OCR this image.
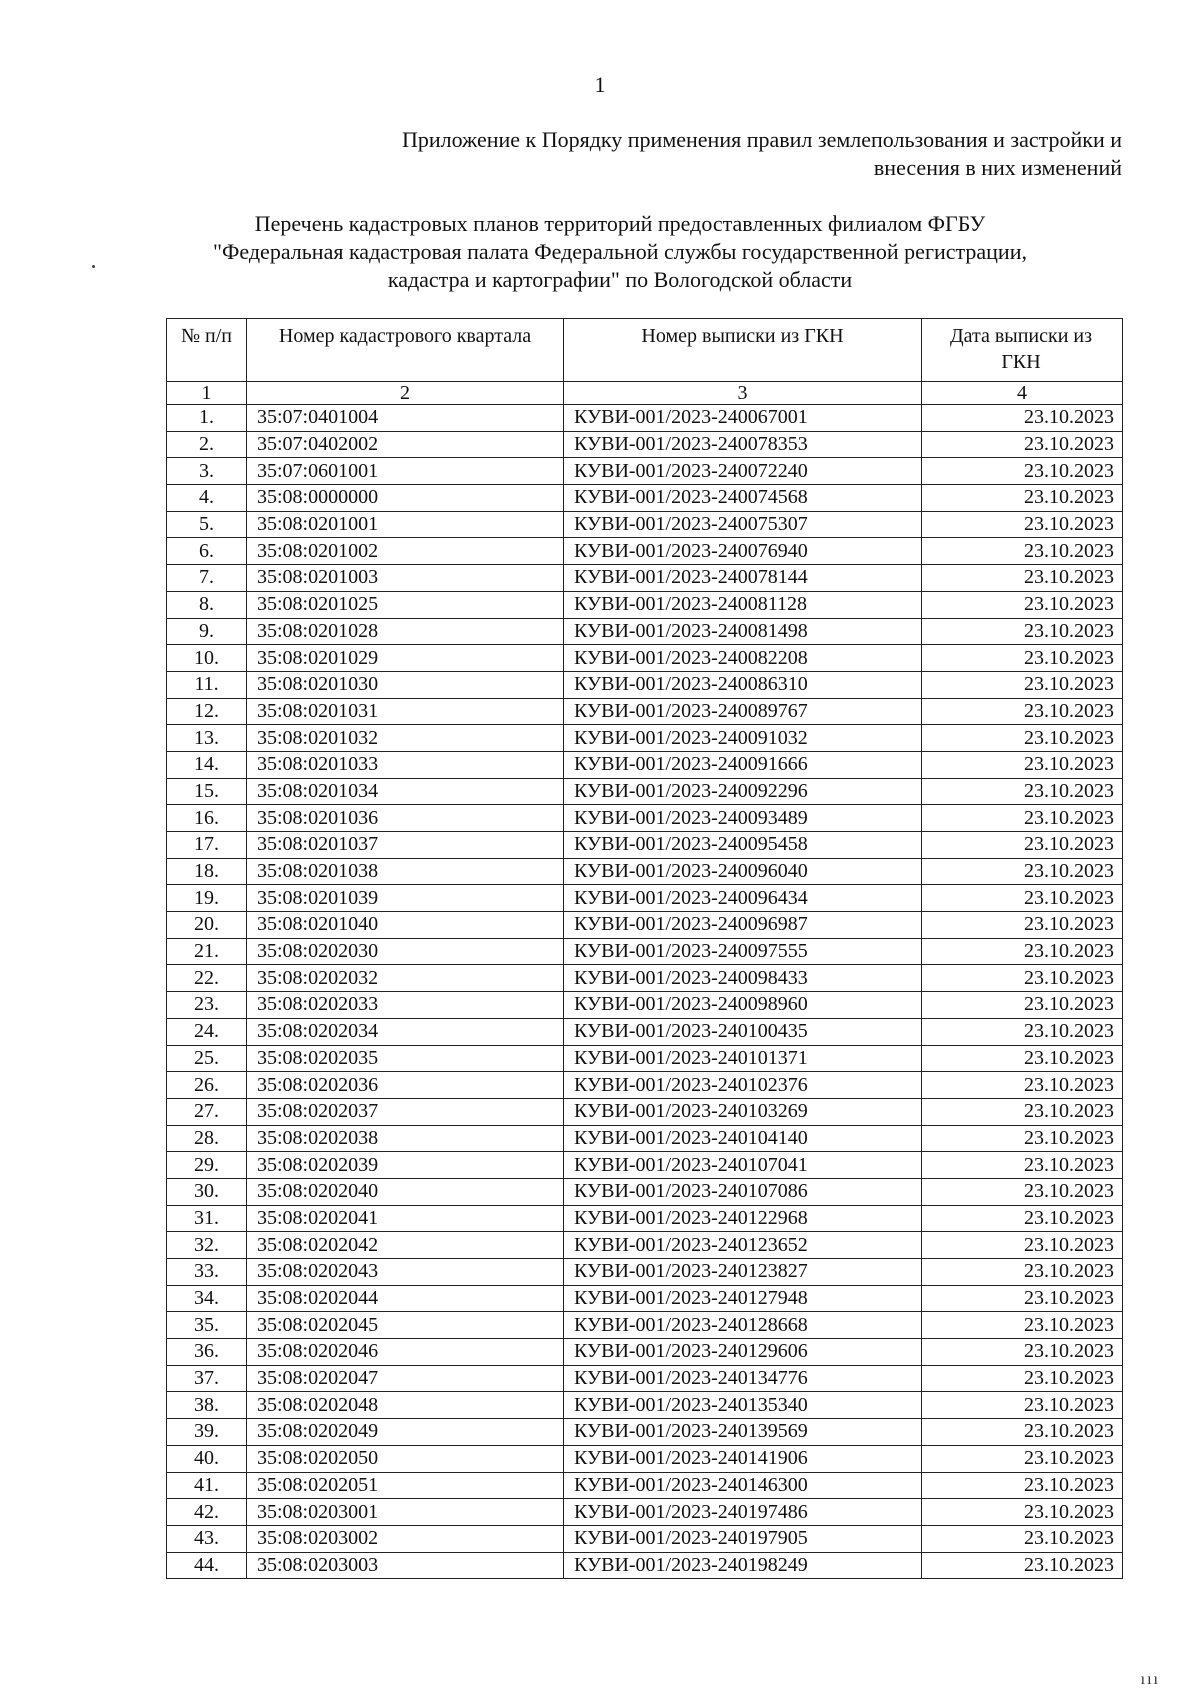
1
Приложение к Порядку применения правил землепользования и застройки и
внесения в них изменений
Перечень кадастровых планов территорий предоставленных филиалом ФГБУ
"Федеральная кадастровая палата Федеральной службы государственной регистрации,
кадастра и картографии" по Вологодской области
№ п/п	Номер кадастрового квартала	Номер выписки из ГКН	Дата выписки из ГКН
1	2	3	4
1.	35:07:0401004	КУВИ-001/2023-240067001	23.10.2023
2.	35:07:0402002	КУВИ-001/2023-240078353	23.10.2023
3.	35:07:0601001	КУВИ-001/2023-240072240	23.10.2023
4.	35:08:0000000	КУВИ-001/2023-240074568	23.10.2023
5.	35:08:0201001	КУВИ-001/2023-240075307	23.10.2023
6.	35:08:0201002	КУВИ-001/2023-240076940	23.10.2023
7.	35:08:0201003	КУВИ-001/2023-240078144	23.10.2023
8.	35:08:0201025	КУВИ-001/2023-240081128	23.10.2023
9.	35:08:0201028	КУВИ-001/2023-240081498	23.10.2023
10.	35:08:0201029	КУВИ-001/2023-240082208	23.10.2023
11.	35:08:0201030	КУВИ-001/2023-240086310	23.10.2023
12.	35:08:0201031	КУВИ-001/2023-240089767	23.10.2023
13.	35:08:0201032	КУВИ-001/2023-240091032	23.10.2023
14.	35:08:0201033	КУВИ-001/2023-240091666	23.10.2023
15.	35:08:0201034	КУВИ-001/2023-240092296	23.10.2023
16.	35:08:0201036	КУВИ-001/2023-240093489	23.10.2023
17.	35:08:0201037	КУВИ-001/2023-240095458	23.10.2023
18.	35:08:0201038	КУВИ-001/2023-240096040	23.10.2023
19.	35:08:0201039	КУВИ-001/2023-240096434	23.10.2023
20.	35:08:0201040	КУВИ-001/2023-240096987	23.10.2023
21.	35:08:0202030	КУВИ-001/2023-240097555	23.10.2023
22.	35:08:0202032	КУВИ-001/2023-240098433	23.10.2023
23.	35:08:0202033	КУВИ-001/2023-240098960	23.10.2023
24.	35:08:0202034	КУВИ-001/2023-240100435	23.10.2023
25.	35:08:0202035	КУВИ-001/2023-240101371	23.10.2023
26.	35:08:0202036	КУВИ-001/2023-240102376	23.10.2023
27.	35:08:0202037	КУВИ-001/2023-240103269	23.10.2023
28.	35:08:0202038	КУВИ-001/2023-240104140	23.10.2023
29.	35:08:0202039	КУВИ-001/2023-240107041	23.10.2023
30.	35:08:0202040	КУВИ-001/2023-240107086	23.10.2023
31.	35:08:0202041	КУВИ-001/2023-240122968	23.10.2023
32.	35:08:0202042	КУВИ-001/2023-240123652	23.10.2023
33.	35:08:0202043	КУВИ-001/2023-240123827	23.10.2023
34.	35:08:0202044	КУВИ-001/2023-240127948	23.10.2023
35.	35:08:0202045	КУВИ-001/2023-240128668	23.10.2023
36.	35:08:0202046	КУВИ-001/2023-240129606	23.10.2023
37.	35:08:0202047	КУВИ-001/2023-240134776	23.10.2023
38.	35:08:0202048	КУВИ-001/2023-240135340	23.10.2023
39.	35:08:0202049	КУВИ-001/2023-240139569	23.10.2023
40.	35:08:0202050	КУВИ-001/2023-240141906	23.10.2023
41.	35:08:0202051	КУВИ-001/2023-240146300	23.10.2023
42.	35:08:0203001	КУВИ-001/2023-240197486	23.10.2023
43.	35:08:0203002	КУВИ-001/2023-240197905	23.10.2023
44.	35:08:0203003	КУВИ-001/2023-240198249	23.10.2023
ııı
